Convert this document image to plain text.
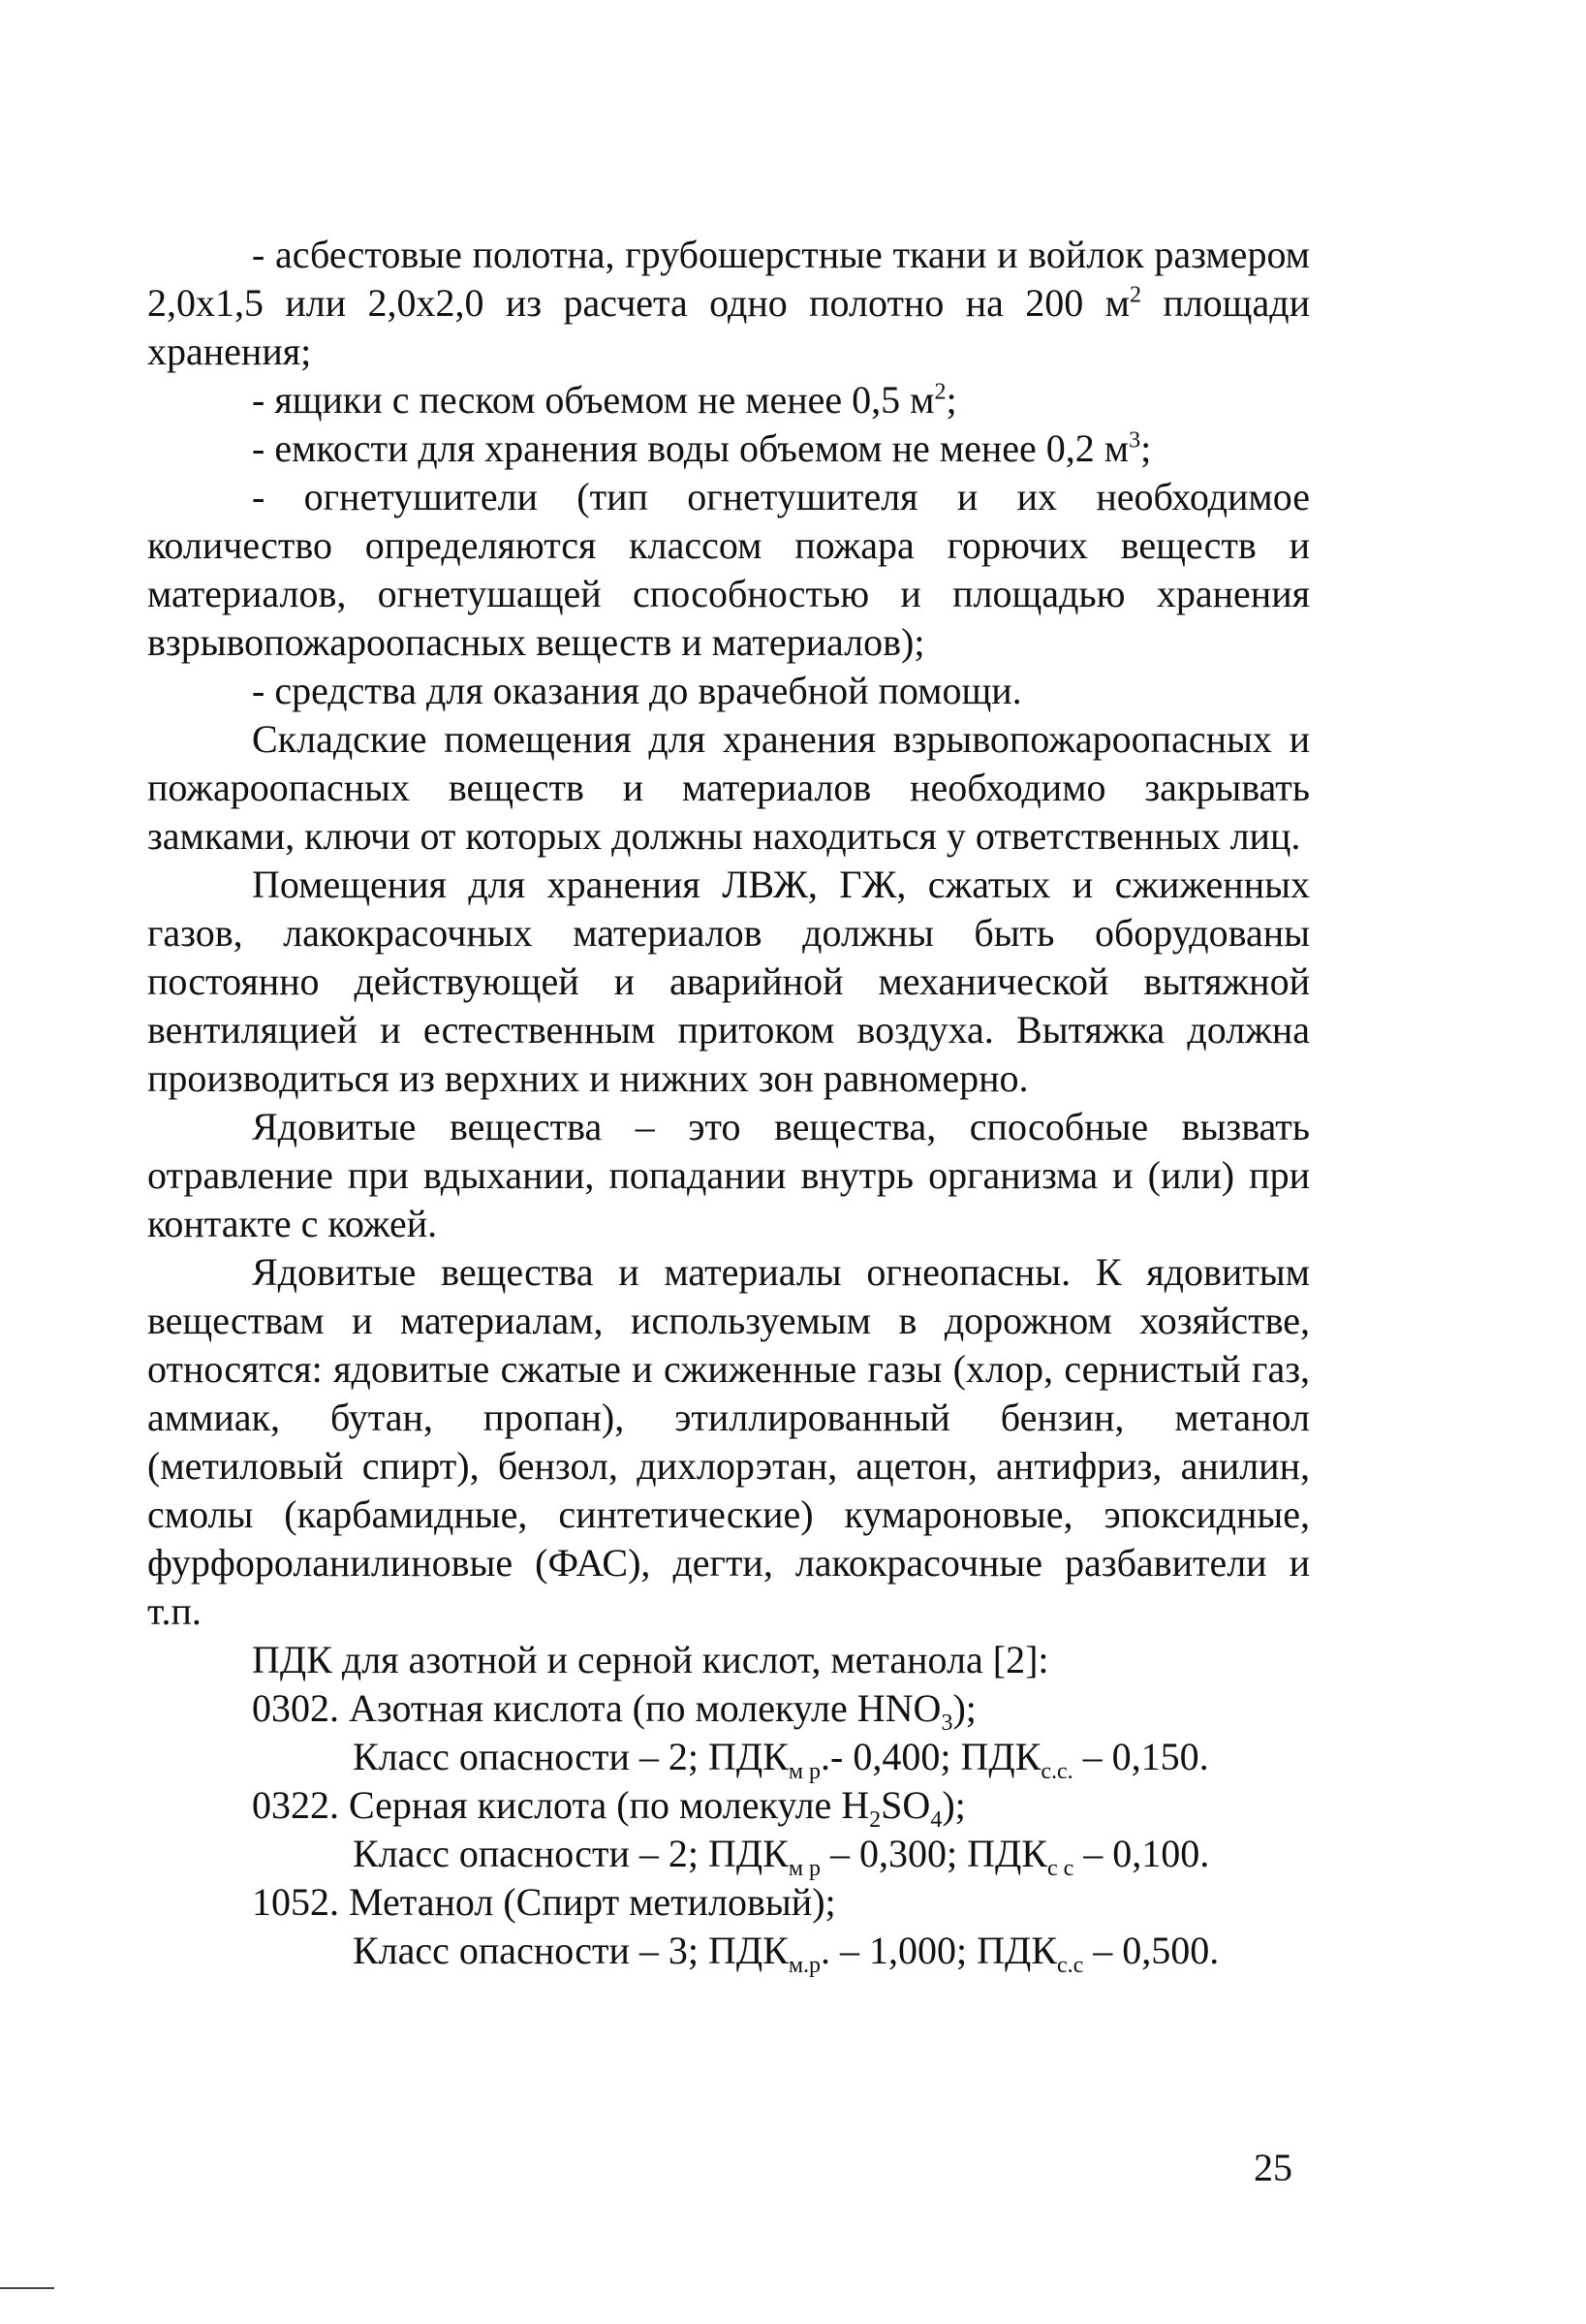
- асбестовые полотна, грубошерстные ткани и войлок размером 2,0х1,5 или 2,0х2,0 из расчета одно полотно на 200 $м^2$ площади хранения;

- ящики с песком объемом не менее 0,5 $м^2$;

- емкости для хранения воды объемом не менее 0,2 $м^3$;

- огнетушители (тип огнетушителя и их необходимое количество определяются классом пожара горючих веществ и материалов, огнетушащей способностью и площадью хранения взрывопожароопасных веществ и материалов);

- средства для оказания до врачебной помощи.

Складские помещения для хранения взрывопожароопасных и пожароопасных веществ и материалов необходимо закрывать замками, ключи от которых должны находиться у ответственных лиц.

Помещения для хранения ЛВЖ, ГЖ, сжатых и сжиженных газов, лакокрасочных материалов должны быть оборудованы постоянно действующей и аварийной механической вытяжной вентиляцией и естественным притоком воздуха. Вытяжка должна производиться из верхних и нижних зон равномерно.

Ядовитые вещества – это вещества, способные вызвать отравление при вдыхании, попадании внутрь организма и (или) при контакте с кожей.

Ядовитые вещества и материалы огнеопасны. К ядовитым веществам и материалам, используемым в дорожном хозяйстве, относятся: ядовитые сжатые и сжиженные газы (хлор, сернистый газ, аммиак, бутан, пропан), этиллированный бензин, метанол (метиловый спирт), бензол, дихлорэтан, ацетон, антифриз, анилин, смолы (карбамидные, синтетические) кумароновые, эпоксидные, фурфороланилиновые (ФАС), дегти, лакокрасочные разбавители и т.п.

ПДК для азотной и серной кислот, метанола [2]:

0302. Азотная кислота (по молекуле $HNO_3$);

Класс опасности – 2; $ПДК_{м р}.-$ 0,400; $ПДК_{с.с.} - 0,150$.

0322. Серная кислота (по молекуле $H_2SO_4$);

Класс опасности – 2; $ПДК_{м р} - 0,300$; $ПДК_{с с} - 0,100$.

1052. Метанол (Спирт метиловый);

Класс опасности – 3; $ПДК_{м.р}$. – 1,000; $ПДК_{с.с} - 0,500$.

25
